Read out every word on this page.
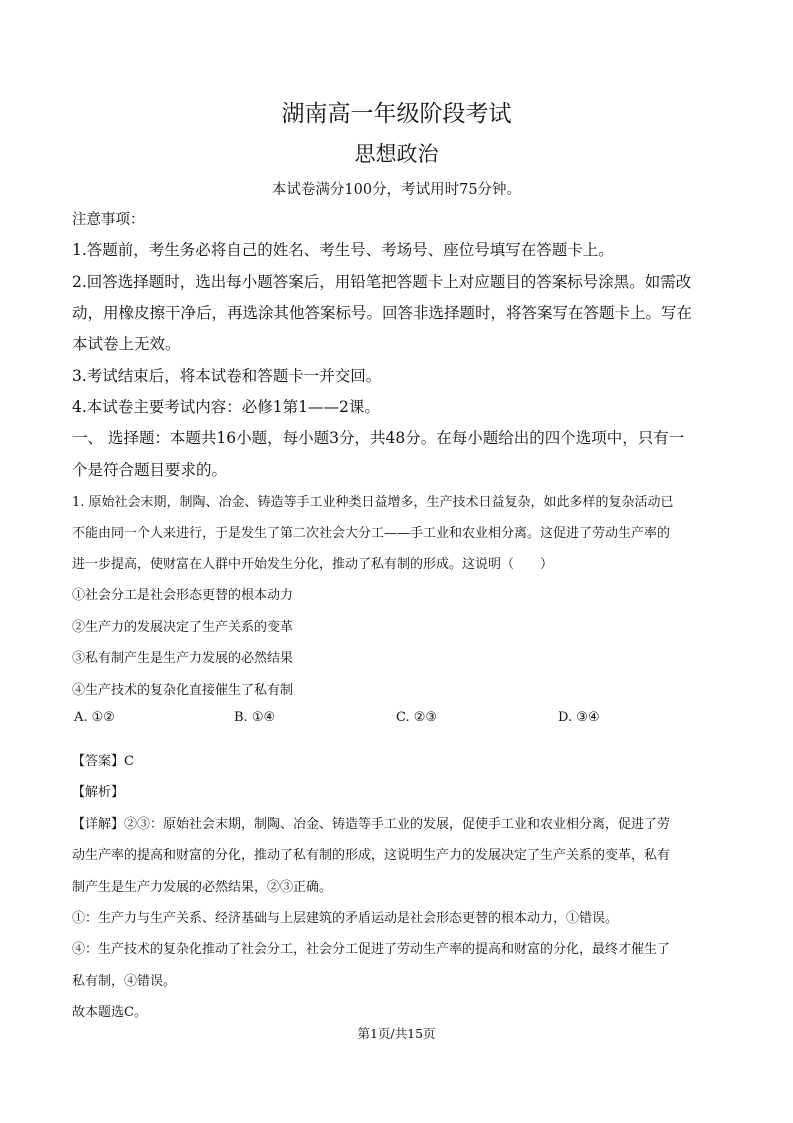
湖南高一年级阶段考试
思想政治
本试卷满分100分，考试用时75分钟。
注意事项：
1.答题前，考生务必将自己的姓名、考生号、考场号、座位号填写在答题卡上。
2.回答选择题时，选出每小题答案后，用铅笔把答题卡上对应题目的答案标号涂黑。如需改
动，用橡皮擦干净后，再选涂其他答案标号。回答非选择题时，将答案写在答题卡上。写在
本试卷上无效。
3.考试结束后，将本试卷和答题卡一并交回。
4.本试卷主要考试内容：必修1第1——2课。
一、 选择题：本题共16小题，每小题3分，共48分。在每小题给出的四个选项中，只有一
个是符合题目要求的。
1. 原始社会末期，制陶、冶金、铸造等手工业种类日益增多，生产技术日益复杂，如此多样的复杂活动已
不能由同一个人来进行，于是发生了第二次社会大分工——手工业和农业相分离。这促进了劳动生产率的
进一步提高，使财富在人群中开始发生分化，推动了私有制的形成。这说明（　　）
①社会分工是社会形态更替的根本动力
②生产力的发展决定了生产关系的变革
③私有制产生是生产力发展的必然结果
④生产技术的复杂化直接催生了私有制
A. ①②	B. ①④	C. ②③	D. ③④
【答案】C
【解析】
【详解】②③：原始社会末期，制陶、冶金、铸造等手工业的发展，促使手工业和农业相分离，促进了劳
动生产率的提高和财富的分化，推动了私有制的形成，这说明生产力的发展决定了生产关系的变革，私有
制产生是生产力发展的必然结果，②③正确。
①：生产力与生产关系、经济基础与上层建筑的矛盾运动是社会形态更替的根本动力，①错误。
④：生产技术的复杂化推动了社会分工，社会分工促进了劳动生产率的提高和财富的分化，最终才催生了
私有制，④错误。
故本题选C。
第1页/共15页
